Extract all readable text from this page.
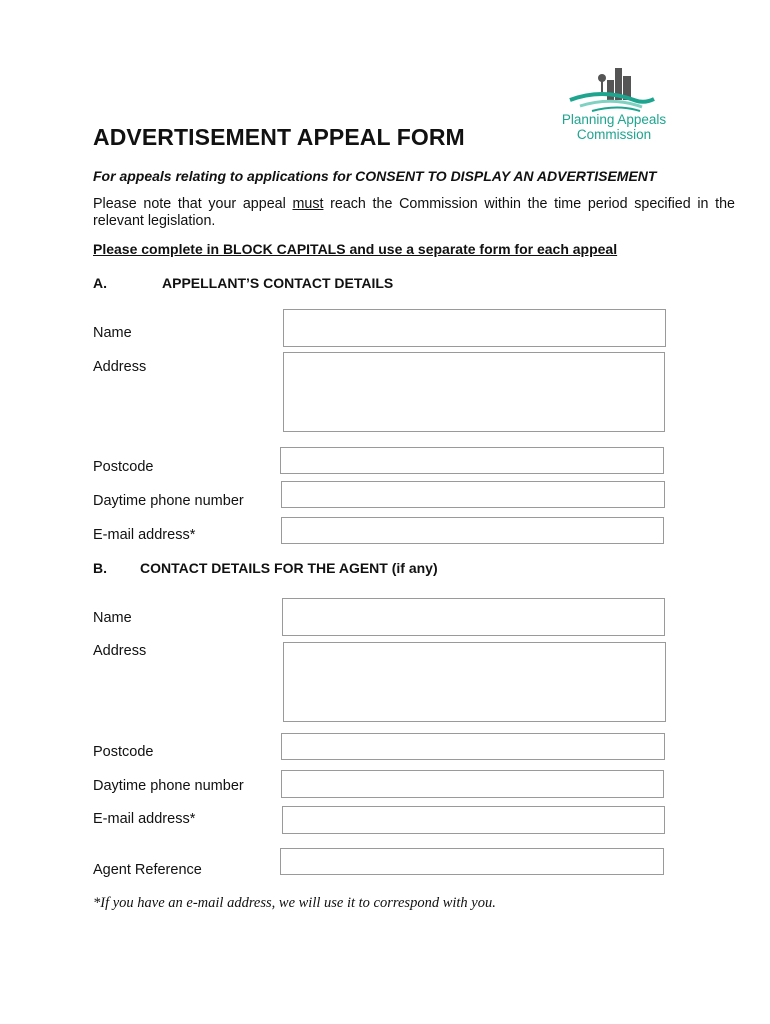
Planning Appeals
Commission
ADVERTISEMENT APPEAL FORM
For appeals relating to applications for CONSENT TO DISPLAY AN ADVERTISEMENT
Please note that your appeal must reach the Commission within the time period specified in the relevant legislation.
Please complete in BLOCK CAPITALS and use a separate form for each appeal
A.	APPELLANT’S CONTACT DETAILS
Name
Address
Postcode
Daytime phone number
E-mail address*
B. CONTACT DETAILS FOR THE AGENT (if any)
Name
Address
Postcode
Daytime phone number
E-mail address*
Agent Reference
*If you have an e-mail address, we will use it to correspond with you.
